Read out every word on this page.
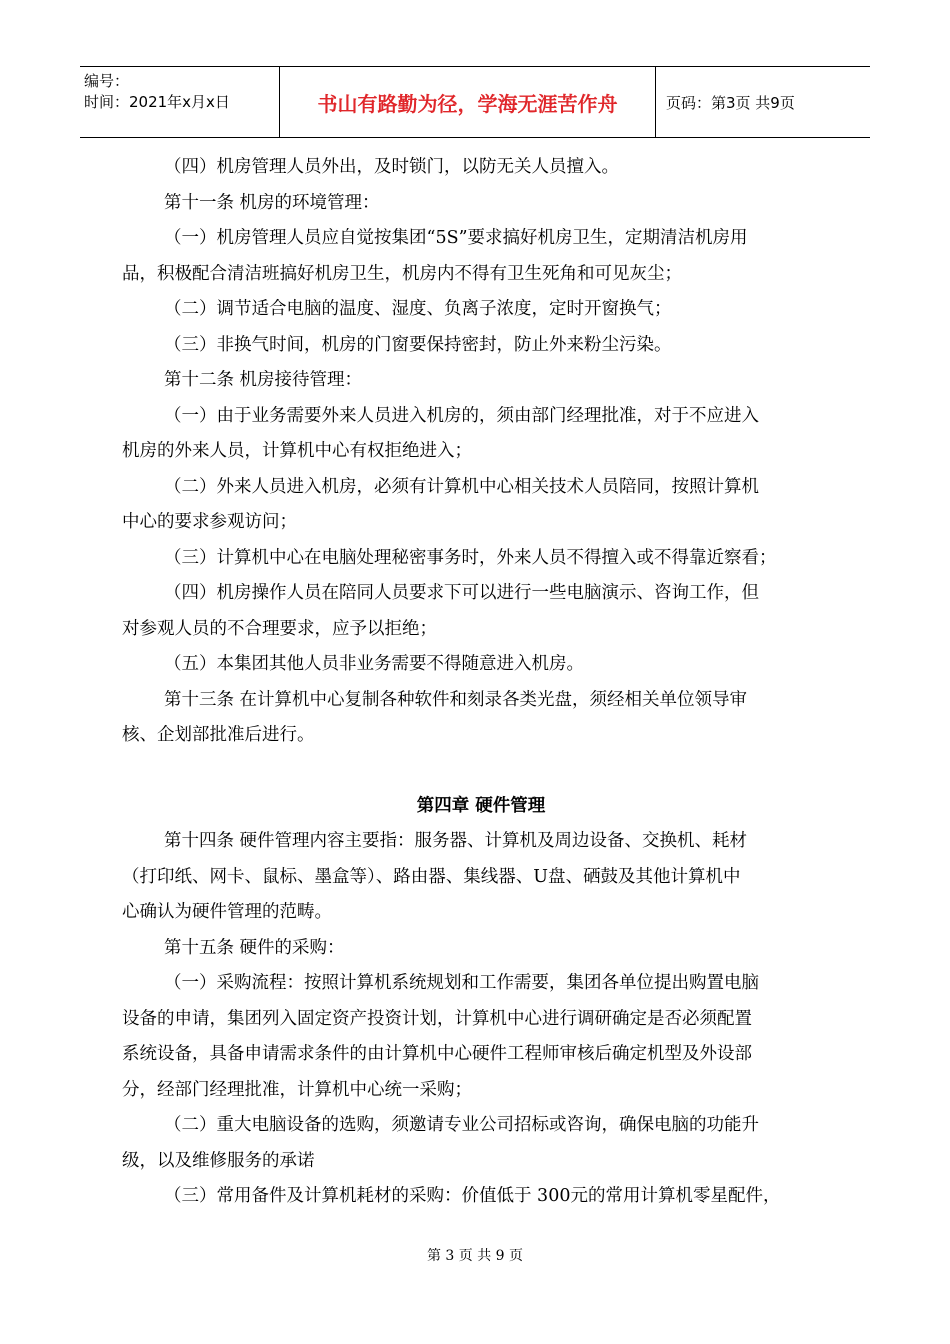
编号：
时间：2021年x月x日	书山有路勤为径，学海无涯苦作舟	页码：第3页 共9页

（四）机房管理人员外出，及时锁门，以防无关人员擅入。

第十一条 机房的环境管理：

（一）机房管理人员应自觉按集团“5S”要求搞好机房卫生，定期清洁机房用

品，积极配合清洁班搞好机房卫生，机房内不得有卫生死角和可见灰尘；

（二）调节适合电脑的温度、湿度、负离子浓度，定时开窗换气；

（三）非换气时间，机房的门窗要保持密封，防止外来粉尘污染。

第十二条 机房接待管理：

（一）由于业务需要外来人员进入机房的，须由部门经理批准，对于不应进入

机房的外来人员，计算机中心有权拒绝进入；

（二）外来人员进入机房，必须有计算机中心相关技术人员陪同，按照计算机

中心的要求参观访问；

（三）计算机中心在电脑处理秘密事务时，外来人员不得擅入或不得靠近察看；

（四）机房操作人员在陪同人员要求下可以进行一些电脑演示、咨询工作，但

对参观人员的不合理要求，应予以拒绝；

（五）本集团其他人员非业务需要不得随意进入机房。

第十三条 在计算机中心复制各种软件和刻录各类光盘，须经相关单位领导审

核、企划部批准后进行。

第四章 硬件管理

第十四条 硬件管理内容主要指：服务器、计算机及周边设备、交换机、耗材

（打印纸、网卡、鼠标、墨盒等）、路由器、集线器、U盘、硒鼓及其他计算机中

心确认为硬件管理的范畴。

第十五条 硬件的采购：

（一）采购流程：按照计算机系统规划和工作需要，集团各单位提出购置电脑

设备的申请，集团列入固定资产投资计划，计算机中心进行调研确定是否必须配置

系统设备，具备申请需求条件的由计算机中心硬件工程师审核后确定机型及外设部

分，经部门经理批准，计算机中心统一采购；

（二）重大电脑设备的选购，须邀请专业公司招标或咨询，确保电脑的功能升

级，以及维修服务的承诺

（三）常用备件及计算机耗材的采购：价值低于 300元的常用计算机零星配件，

第 3 页 共 9 页
